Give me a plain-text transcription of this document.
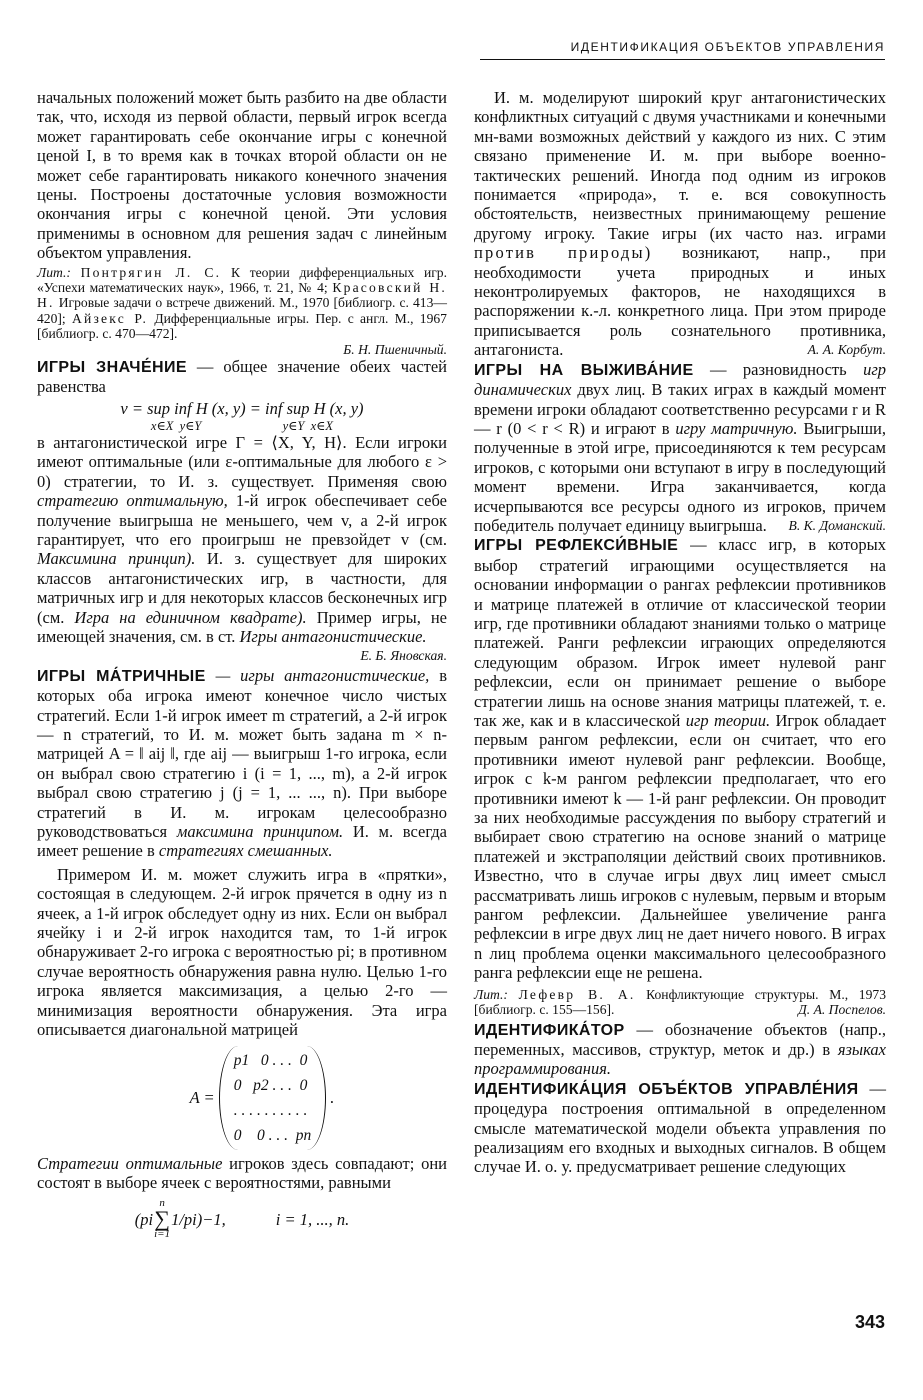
ИДЕНТИФИКАЦИЯ ОБЪЕКТОВ УПРАВЛЕНИЯ

начальных положений может быть разбито на две области так, что, исходя из первой области, первый игрок всегда может гарантировать себе окончание игры с конечной ценой I, в то время как в точках второй области он не может себе гарантировать никакого конечного значения цены. Построены достаточные условия возможности окончания игры с конечной ценой. Эти условия применимы в основном для решения задач с линейным объектом управления.

Лит.: Понтрягин Л. С. К теории дифференциальных игр. «Успехи математических наук», 1966, т. 21, № 4; Красовский Н. Н. Игровые задачи о встрече движений. М., 1970 [библиогр. с. 413—420]; Айзекс Р. Дифференциальные игры. Пер. с англ. М., 1967 [библиогр. с. 470—472].

Б. Н. Пшеничный.

ИГРЫ ЗНАЧЕ́НИЕ — общее значение обеих частей равенства

v = sup inf H (x, y) = inf sup H (x, y)
x∈X  y∈Y                          y∈Y  x∈X

в антагонистической игре Γ = ⟨X, Y, H⟩. Если игроки имеют оптимальные (или ε-оптимальные для любого ε > 0) стратегии, то И. з. существует. Применяя свою стратегию оптимальную, 1-й игрок обеспечивает себе получение выигрыша не меньшего, чем v, а 2-й игрок гарантирует, что его проигрыш не превзойдет v (см. Максимина принцип). И. з. существует для широких классов антагонистических игр, в частности, для матричных игр и для некоторых классов бесконечных игр (см. Игра на единичном квадрате). Пример игры, не имеющей значения, см. в ст. Игры антагонистические.
Е. Б. Яновская.

ИГРЫ МА́ТРИЧНЫЕ — игры антагонистические, в которых оба игрока имеют конечное число чистых стратегий. Если 1-й игрок имеет m стратегий, а 2-й игрок — n стратегий, то И. м. может быть задана m × n-матрицей A = ‖ aij ‖, где aij — выигрыш 1-го игрока, если он выбрал свою стратегию i (i = 1, ..., m), а 2-й игрок выбрал свою стратегию j (j = 1, ... ..., n). При выборе стратегий в И. м. игрокам целесообразно руководствоваться максимина принципом. И. м. всегда имеет решение в стратегиях смешанных.

Примером И. м. может служить игра в «прятки», состоящая в следующем. 2-й игрок прячется в одну из n ячеек, а 1-й игрок обследует одну из них. Если он выбрал ячейку i и 2-й игрок находится там, то 1-й игрок обнаруживает 2-го игрока с вероятностью pi; в противном случае вероятность обнаружения равна нулю. Целью 1-го игрока является максимизация, а целью 2-го — минимизация вероятности обнаружения. Эта игра описывается диагональной матрицей

A =
p1   0 . . .  0
0   p2 . . .  0
. . . . . . . . . .
0    0 . . .  pn
.

Стратегии оптимальные игроков здесь совпадают; они состоят в выборе ячеек с вероятностями, равными

(pi
n
∑
i=1
1/pi)−1,	i = 1, ..., n.

И. м. моделируют широкий круг антагонистических конфликтных ситуаций с двумя участниками и конечными мн-вами возможных действий у каждого из них. С этим связано применение И. м. при выборе военно-тактических решений. Иногда под одним из игроков понимается «природа», т. е. вся совокупность обстоятельств, неизвестных принимающему решение другому игроку. Такие игры (их часто наз. играми против природы) возникают, напр., при необходимости учета природных и иных неконтролируемых факторов, не находящихся в распоряжении к.-л. конкретного лица. При этом природе приписывается роль сознательного противника, антагониста.	А. А. Корбут.

ИГРЫ НА ВЫЖИВА́НИЕ — разновидность игр динамических двух лиц. В таких играх в каждый момент времени игроки обладают соответственно ресурсами r и R — r (0 < r < R) и играют в игру матричную. Выигрыши, полученные в этой игре, присоединяются к тем ресурсам игроков, с которыми они вступают в игру в последующий момент времени. Игра заканчивается, когда исчерпываются все ресурсы одного из игроков, причем победитель получает единицу выигрыша. В. К. Доманский.

ИГРЫ РЕФЛЕКСИ́ВНЫЕ — класс игр, в которых выбор стратегий играющими осуществляется на основании информации о рангах рефлексии противников и матрице платежей в отличие от классической теории игр, где противники обладают знаниями только о матрице платежей. Ранги рефлексии играющих определяются следующим образом. Игрок имеет нулевой ранг рефлексии, если он принимает решение о выборе стратегии лишь на основе знания матрицы платежей, т. е. так же, как и в классической игр теории. Игрок обладает первым рангом рефлексии, если он считает, что его противники имеют нулевой ранг рефлексии. Вообще, игрок с k-м рангом рефлексии предполагает, что его противники имеют k — 1-й ранг рефлексии. Он проводит за них необходимые рассуждения по выбору стратегий и выбирает свою стратегию на основе знаний о матрице платежей и экстраполяции действий своих противников. Известно, что в случае игры двух лиц имеет смысл рассматривать лишь игроков с нулевым, первым и вторым рангом рефлексии. Дальнейшее увеличение ранга рефлексии в игре двух лиц не дает ничего нового. В играх n лиц проблема оценки максимального целесообразного ранга рефлексии еще не решена.

Лит.: Лефевр В. А. Конфликтующие структуры. М., 1973 [библиогр. с. 155—156].	Д. А. Поспелов.

ИДЕНТИФИКА́ТОР — обозначение объектов (напр., переменных, массивов, структур, меток и др.) в языках программирования.

ИДЕНТИФИКА́ЦИЯ ОБЪЕ́КТОВ УПРАВЛЕ́НИЯ — процедура построения оптимальной в определенном смысле математической модели объекта управления по реализациям его входных и выходных сигналов. В общем случае И. о. у. предусматривает решение следующих

343
